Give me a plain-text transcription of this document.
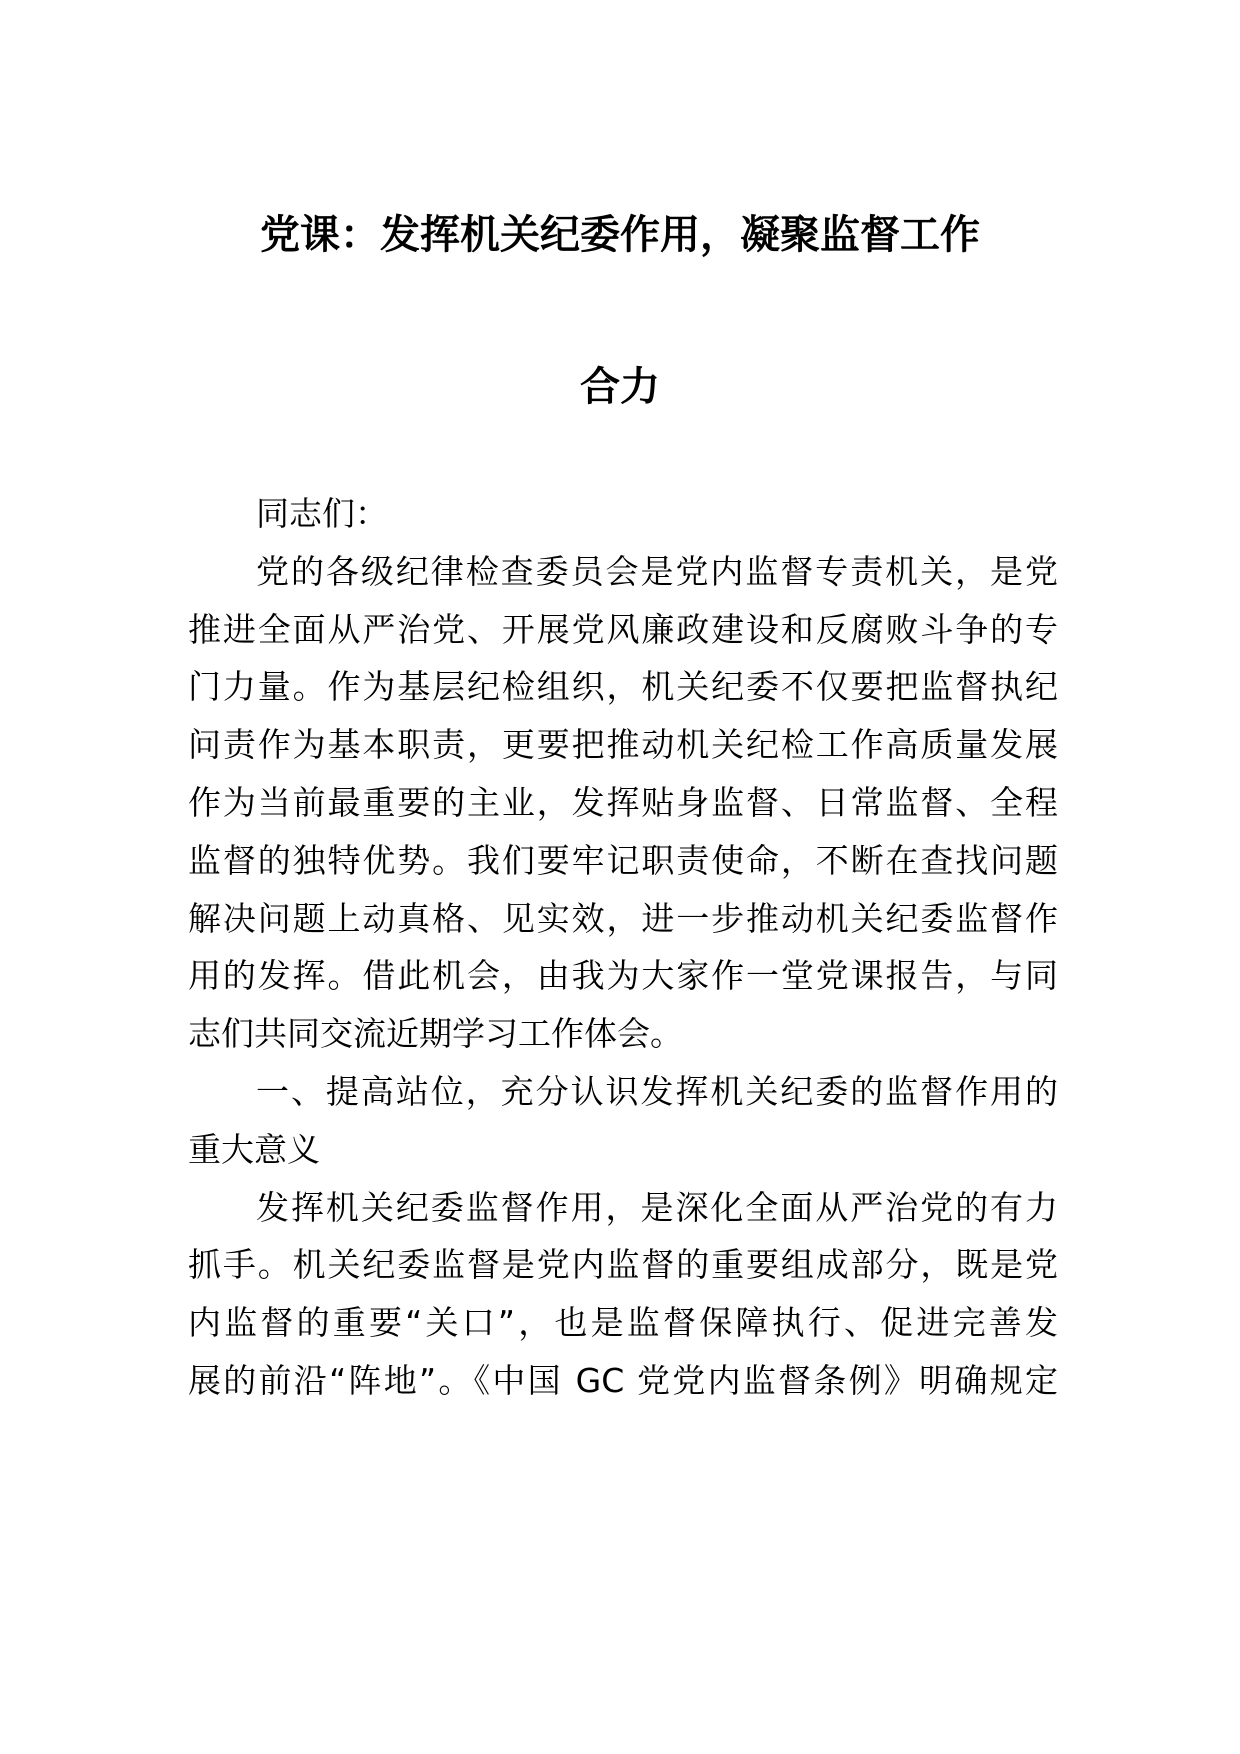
党课：发挥机关纪委作用，凝聚监督工作
合力
同志们：
党的各级纪律检查委员会是党内监督专责机关，是党
推进全面从严治党、开展党风廉政建设和反腐败斗争的专
门力量。作为基层纪检组织，机关纪委不仅要把监督执纪
问责作为基本职责，更要把推动机关纪检工作高质量发展
作为当前最重要的主业，发挥贴身监督、日常监督、全程
监督的独特优势。我们要牢记职责使命，不断在查找问题
解决问题上动真格、见实效，进一步推动机关纪委监督作
用的发挥。借此机会，由我为大家作一堂党课报告，与同
志们共同交流近期学习工作体会。
一、提高站位，充分认识发挥机关纪委的监督作用的
重大意义
发挥机关纪委监督作用，是深化全面从严治党的有力
抓手。机关纪委监督是党内监督的重要组成部分，既是党
内监督的重要“关口”，也是监督保障执行、促进完善发
展的前沿“阵地”。《中国 GC 党党内监督条例》明确规定
